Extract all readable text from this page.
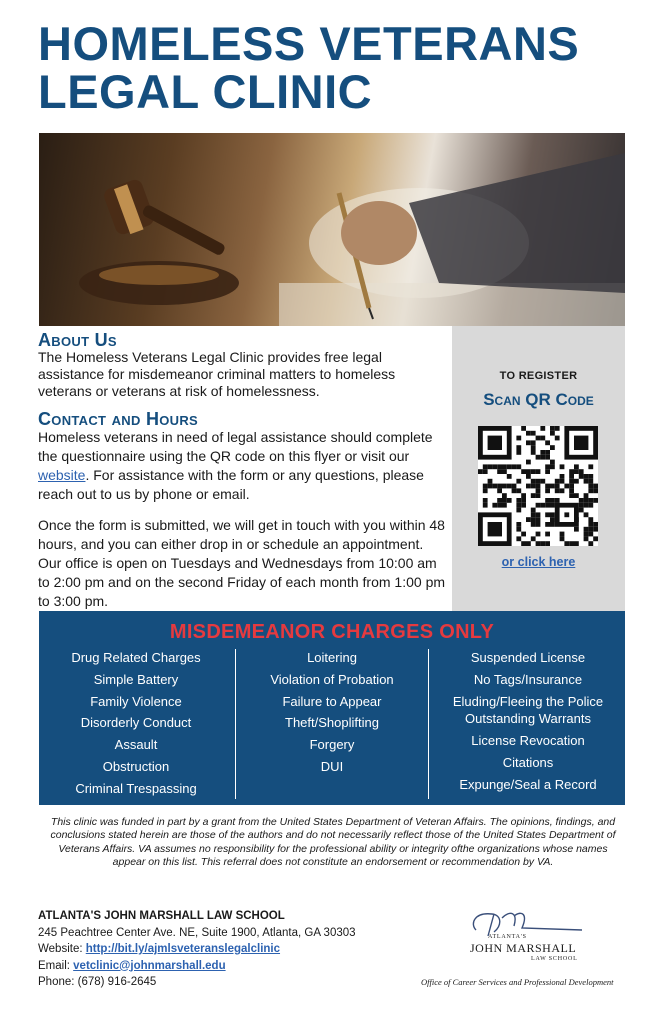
HOMELESS VETERANS
LEGAL CLINIC
About Us

The Homeless Veterans Legal Clinic provides free legal assistance for misdemeanor criminal matters to homeless veterans or veterans at risk of homelessness.

Contact and Hours

Homeless veterans in need of legal assistance should complete the questionnaire using the QR code on this flyer or visit our website. For assistance with the form or any questions, please reach out to us by phone or email.

Once the form is submitted, we will get in touch with you within 48 hours, and you can either drop in or schedule an appointment. Our office is open on Tuesdays and Wednesdays from 10:00 am to 2:00 pm and on the second Friday of each month from 1:00 pm to 3:00 pm.

TO REGISTER
Scan QR Code
or click here
MISDEMEANOR CHARGES ONLY
Drug Related Charges
Simple Battery
Family Violence
Disorderly Conduct
Assault
Obstruction
Criminal Trespassing
Loitering
Violation of Probation
Failure to Appear
Theft/Shoplifting
Forgery
DUI
Suspended License
No Tags/Insurance
Eluding/Fleeing the Police
Outstanding Warrants
License Revocation
Citations
Expunge/Seal a Record

This clinic was funded in part by a grant from the United States Department of Veteran Affairs. The opinions, findings, and conclusions stated herein are those of the authors and do not necessarily reflect those of the United States Department of Veterans Affairs. VA assumes no responsibility for the professional ability or integrity ofthe organizations whose names appear on this list. This referral does not constitute an endorsement or recommendation by VA.

ATLANTA'S JOHN MARSHALL LAW SCHOOL
245 Peachtree Center Ave. NE, Suite 1900, Atlanta, GA 30303
Website: http://bit.ly/ajmlsveteranslegalclinic
Email: vetclinic@johnmarshall.edu
Phone: (678) 916-2645
ATLANTA'S
JOHN MARSHALL
LAW SCHOOL
Office of Career Services and Professional Development
